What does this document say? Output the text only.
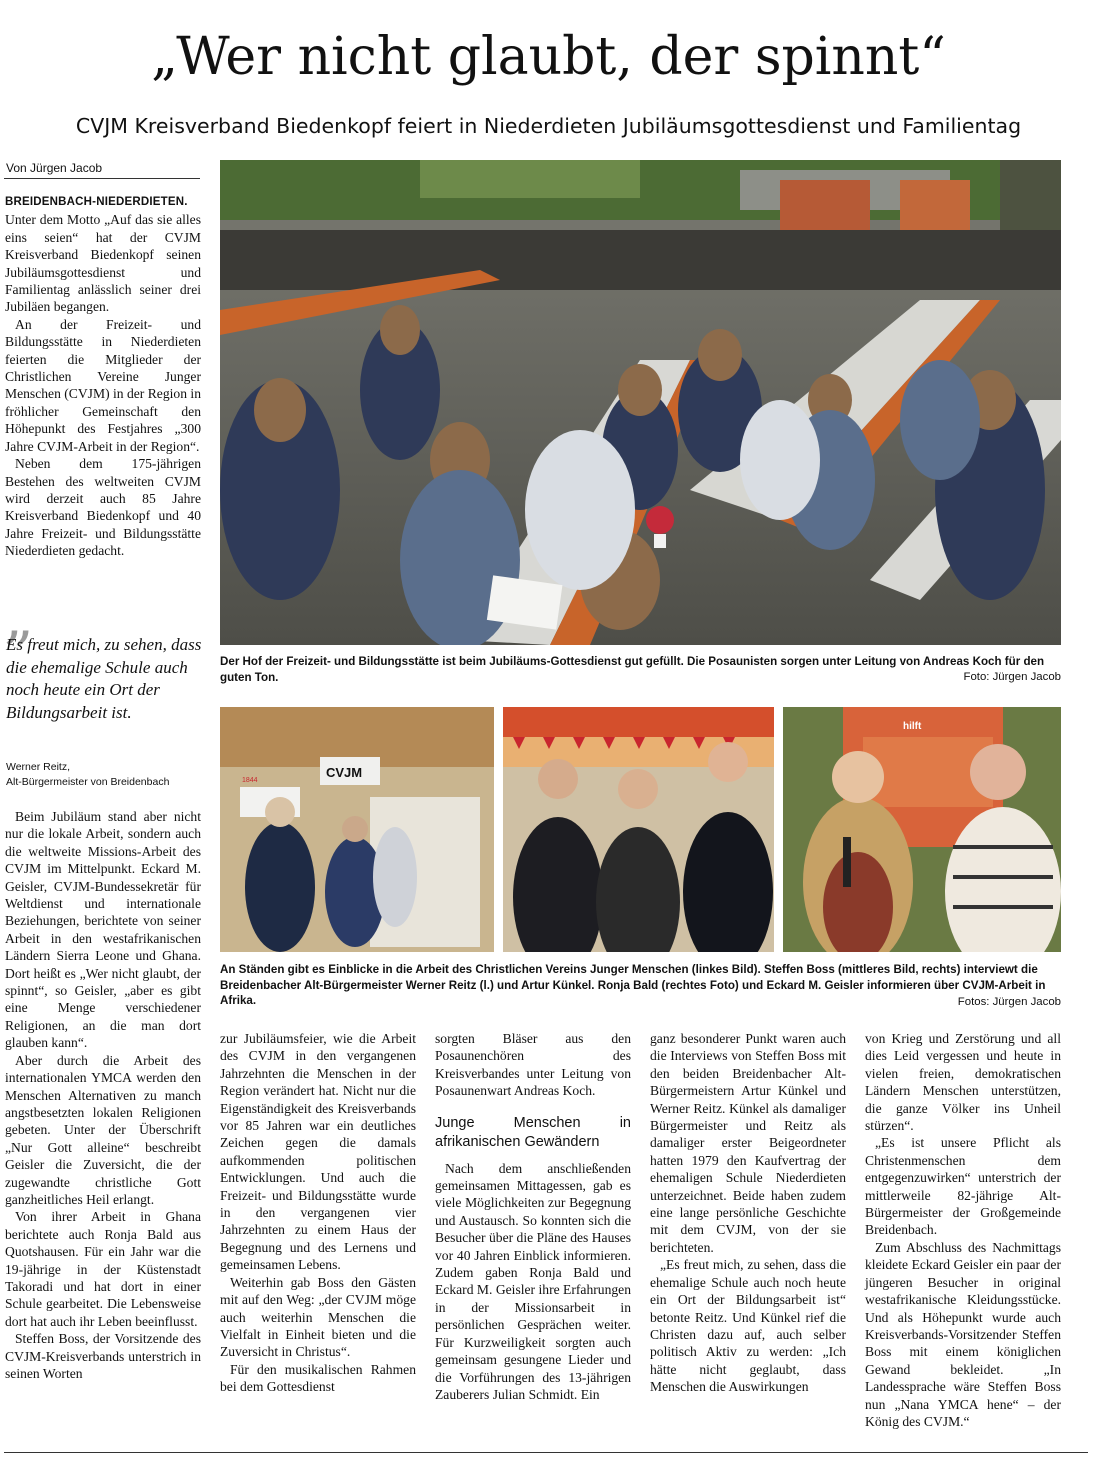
„Wer nicht glaubt, der spinnt“
CVJM Kreisverband Biedenkopf feiert in Niederdieten Jubiläumsgottesdienst und Familientag
Von Jürgen Jacob

BREIDENBACH-NIEDERDIETEN.

Unter dem Motto „Auf das sie alles eins seien“ hat der CVJM Kreisverband Biedenkopf seinen Jubiläumsgottesdienst und Familientag anlässlich seiner drei Jubiläen begangen.

An der Freizeit- und Bildungsstätte in Niederdieten feierten die Mitglieder der Christlichen Vereine Junger Menschen (CVJM) in der Region in fröhlicher Gemeinschaft den Höhepunkt des Festjahres „300 Jahre CVJM-Arbeit in der Region“.

Neben dem 175-jährigen Bestehen des weltweiten CVJM wird derzeit auch 85 Jahre Kreisverband Biedenkopf und 40 Jahre Freizeit- und Bildungsstätte Niederdieten gedacht.

„
Es freut mich, zu sehen, dass die ehemalige Schule auch noch heute ein Ort der Bildungsarbeit ist.
Werner Reitz,
Alt-Bürgermeister von Breidenbach

Beim Jubiläum stand aber nicht nur die lokale Arbeit, sondern auch die weltweite Missions-Arbeit des CVJM im Mittelpunkt. Eckard M. Geisler, CVJM-Bundessekretär für Weltdienst und internationale Beziehungen, berichtete von seiner Arbeit in den westafrikanischen Ländern Sierra Leone und Ghana. Dort heißt es „Wer nicht glaubt, der spinnt“, so Geisler, „aber es gibt eine Menge verschiedener Religionen, an die man dort glauben kann“.

Aber durch die Arbeit des internationalen YMCA werden den Menschen Alternativen zu manch angstbesetzten lokalen Religionen gebeten. Unter der Überschrift „Nur Gott alleine“ beschreibt Geisler die Zuversicht, die der zugewandte christliche Gott ganzheitliches Heil erlangt.

Von ihrer Arbeit in Ghana berichtete auch Ronja Bald aus Quotshausen. Für ein Jahr war die 19-jährige in der Küstenstadt Takoradi und hat dort in einer Schule gearbeitet. Die Lebensweise dort hat auch ihr Leben beeinflusst.

Steffen Boss, der Vorsitzende des CVJM-Kreisverbands unterstrich in seinen Worten

Der Hof der Freizeit- und Bildungsstätte ist beim Jubiläums-Gottesdienst gut gefüllt. Die Posaunisten sorgen unter Leitung von Andreas Koch für den guten Ton.	Foto: Jürgen Jacob
1844
CVJM
hilft
An Ständen gibt es Einblicke in die Arbeit des Christlichen Vereins Junger Menschen (linkes Bild). Steffen Boss (mittleres Bild, rechts) interviewt die Breidenbacher Alt-Bürgermeister Werner Reitz (l.) und Artur Künkel. Ronja Bald (rechtes Foto) und Eckard M. Geisler informieren über CVJM-Arbeit in Afrika.	Fotos: Jürgen Jacob

zur Jubiläumsfeier, wie die Arbeit des CVJM in den vergangenen Jahrzehnten die Menschen in der Region verändert hat. Nicht nur die Eigenständigkeit des Kreisverbands vor 85 Jahren war ein deutliches Zeichen gegen die damals aufkommenden politischen Entwicklungen. Und auch die Freizeit- und Bildungsstätte wurde in den vergangenen vier Jahrzehnten zu einem Haus der Begegnung und des Lernens und gemeinsamen Lebens.

Weiterhin gab Boss den Gästen mit auf den Weg: „der CVJM möge auch weiterhin Menschen die Vielfalt in Einheit bieten und die Zuversicht in Christus“.

Für den musikalischen Rahmen bei dem Gottesdienst

sorgten Bläser aus den Posaunenchören des Kreisverbandes unter Leitung von Posaunenwart Andreas Koch.

Junge Menschen in afrikanischen Gewändern

Nach dem anschließenden gemeinsamen Mittagessen, gab es viele Möglichkeiten zur Begegnung und Austausch. So konnten sich die Besucher über die Pläne des Hauses vor 40 Jahren Einblick informieren. Zudem gaben Ronja Bald und Eckard M. Geisler ihre Erfahrungen in der Missionsarbeit in persönlichen Gesprächen weiter. Für Kurzweiligkeit sorgten auch gemeinsam gesungene Lieder und die Vorführungen des 13-jährigen Zauberers Julian Schmidt. Ein

ganz besonderer Punkt waren auch die Interviews von Steffen Boss mit den beiden Breidenbacher Alt-Bürgermeistern Artur Künkel und Werner Reitz. Künkel als damaliger Bürgermeister und Reitz als damaliger erster Beigeordneter hatten 1979 den Kaufvertrag der ehemaligen Schule Niederdieten unterzeichnet. Beide haben zudem eine lange persönliche Geschichte mit dem CVJM, von der sie berichteten.

„Es freut mich, zu sehen, dass die ehemalige Schule auch noch heute ein Ort der Bildungsarbeit ist“ betonte Reitz. Und Künkel rief die Christen dazu auf, auch selber politisch Aktiv zu werden: „Ich hätte nicht geglaubt, dass Menschen die Auswirkungen

von Krieg und Zerstörung und all dies Leid vergessen und heute in vielen freien, demokratischen Ländern Menschen unterstützen, die ganze Völker ins Unheil stürzen“.

„Es ist unsere Pflicht als Christenmenschen dem entgegenzuwirken“ unterstrich der mittlerweile 82-jährige Alt-Bürgermeister der Großgemeinde Breidenbach.

Zum Abschluss des Nachmittags kleidete Eckard Geisler ein paar der jüngeren Besucher in original westafrikanische Kleidungsstücke. Und als Höhepunkt wurde auch Kreisverbands-Vorsitzender Steffen Boss mit einem königlichen Gewand bekleidet. „In Landessprache wäre Steffen Boss nun „Nana YMCA hene“ – der König des CVJM.“
